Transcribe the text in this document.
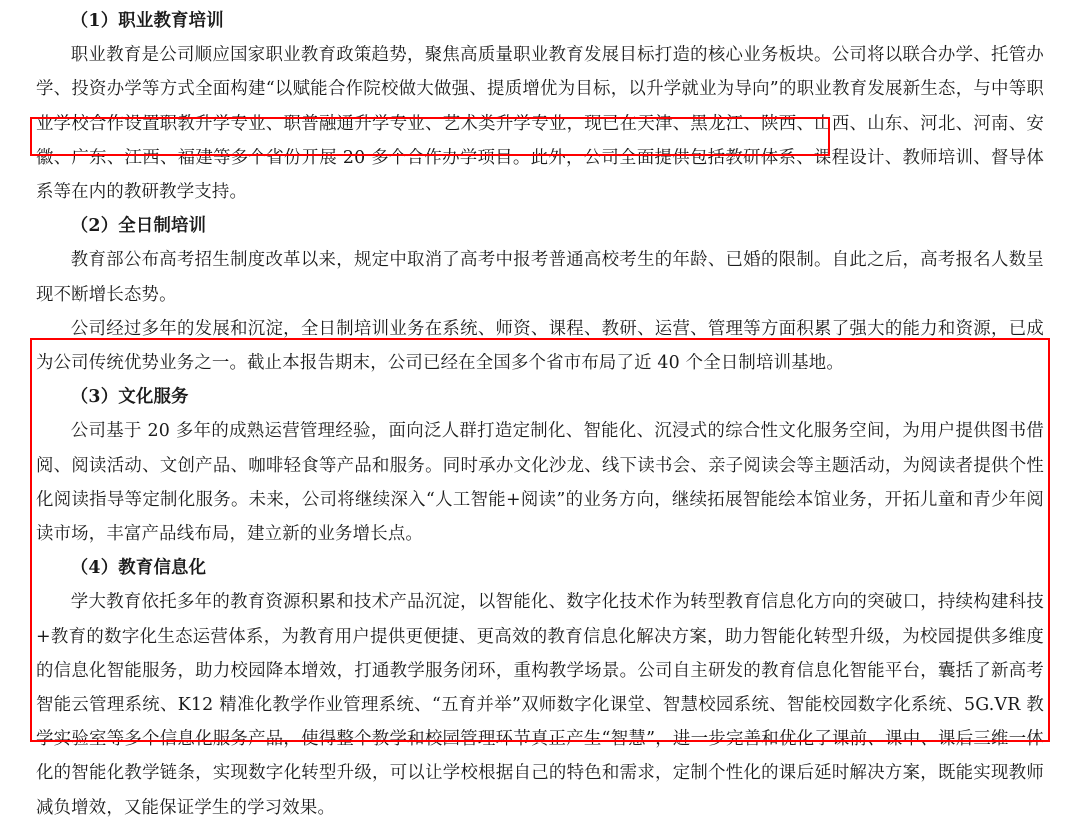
（1）职业教育培训

职业教育是公司顺应国家职业教育政策趋势，聚焦高质量职业教育发展目标打造的核心业务板块。公司将以联合办学、托管办学、投资办学等方式全面构建“以赋能合作院校做大做强、提质增优为目标，以升学就业为导向”的职业教育发展新生态，与中等职业学校合作设置职教升学专业、职普融通升学专业、艺术类升学专业，现已在天津、黑龙江、陕西、山西、山东、河北、河南、安徽、广东、江西、福建等多个省份开展 20 多个合作办学项目。此外，公司全面提供包括教研体系、课程设计、教师培训、督导体系等在内的教研教学支持。

（2）全日制培训

教育部公布高考招生制度改革以来，规定中取消了高考中报考普通高校考生的年龄、已婚的限制。自此之后，高考报名人数呈现不断增长态势。

公司经过多年的发展和沉淀，全日制培训业务在系统、师资、课程、教研、运营、管理等方面积累了强大的能力和资源，已成为公司传统优势业务之一。截止本报告期末，公司已经在全国多个省市布局了近 40 个全日制培训基地。

（3）文化服务

公司基于 20 多年的成熟运营管理经验，面向泛人群打造定制化、智能化、沉浸式的综合性文化服务空间，为用户提供图书借阅、阅读活动、文创产品、咖啡轻食等产品和服务。同时承办文化沙龙、线下读书会、亲子阅读会等主题活动，为阅读者提供个性化阅读指导等定制化服务。未来，公司将继续深入“人工智能+阅读”的业务方向，继续拓展智能绘本馆业务，开拓儿童和青少年阅读市场，丰富产品线布局，建立新的业务增长点。

（4）教育信息化

学大教育依托多年的教育资源积累和技术产品沉淀，以智能化、数字化技术作为转型教育信息化方向的突破口，持续构建科技+教育的数字化生态运营体系，为教育用户提供更便捷、更高效的教育信息化解决方案，助力智能化转型升级，为校园提供多维度的信息化智能服务，助力校园降本增效，打通教学服务闭环，重构教学场景。公司自主研发的教育信息化智能平台，囊括了新高考智能云管理系统、K12 精准化教学作业管理系统、“五育并举”双师数字化课堂、智慧校园系统、智能校园数字化系统、5G.VR 教学实验室等多个信息化服务产品，使得整个教学和校园管理环节真正产生“智慧”，进一步完善和优化了课前、课中、课后三维一体化的智能化教学链条，实现数字化转型升级，可以让学校根据自己的特色和需求，定制个性化的课后延时解决方案，既能实现教师减负增效，又能保证学生的学习效果。
